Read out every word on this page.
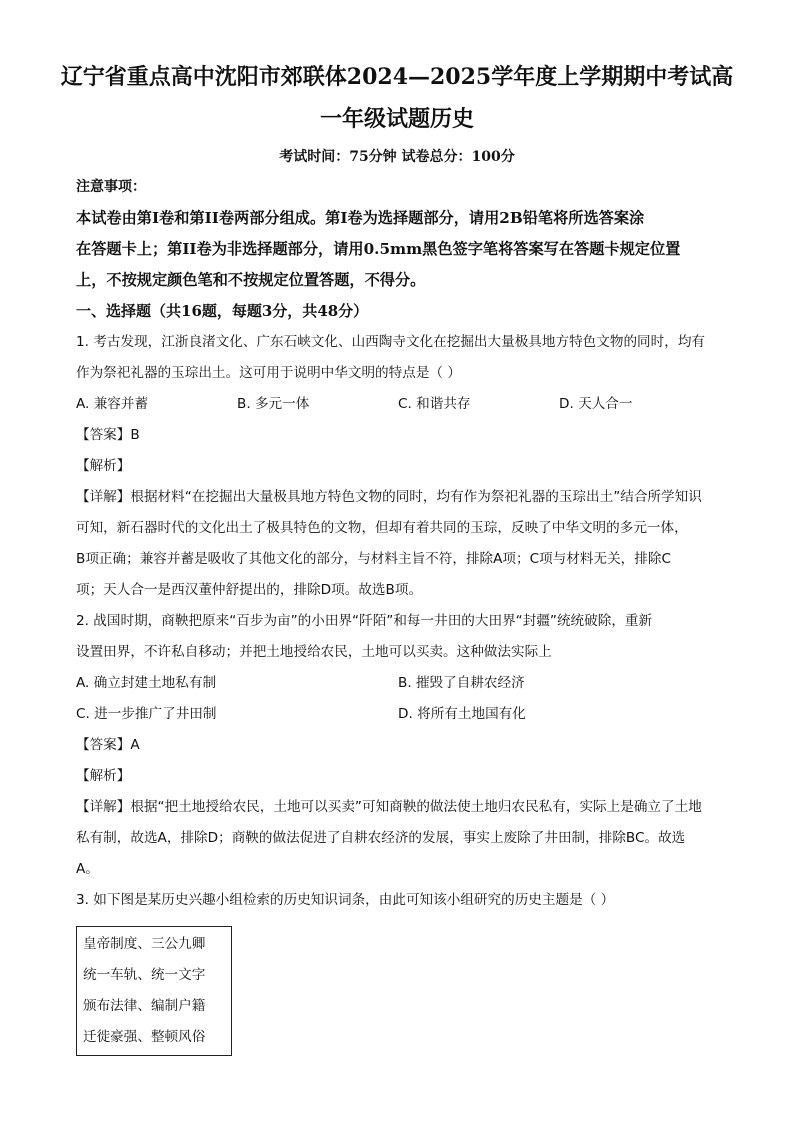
辽宁省重点高中沈阳市郊联体2024—2025学年度上学期期中考试高
一年级试题历史
考试时间：75分钟 试卷总分：100分
注意事项：
本试卷由第I卷和第II卷两部分组成。第I卷为选择题部分，请用2B铅笔将所选答案涂
在答题卡上；第II卷为非选择题部分，请用0.5mm黑色签字笔将答案写在答题卡规定位置
上，不按规定颜色笔和不按规定位置答题，不得分。
一、选择题（共16题，每题3分，共48分）
1. 考古发现，江浙良渚文化、广东石峡文化、山西陶寺文化在挖掘出大量极具地方特色文物的同时，均有
作为祭祀礼器的玉琮出土。这可用于说明中华文明的特点是（ ）
A. 兼容并蓄	B. 多元一体	C. 和谐共存	D. 天人合一
【答案】B
【解析】
【详解】根据材料“在挖掘出大量极具地方特色文物的同时，均有作为祭祀礼器的玉琮出土”结合所学知识
可知，新石器时代的文化出土了极具特色的文物，但却有着共同的玉琮，反映了中华文明的多元一体，
B项正确；兼容并蓄是吸收了其他文化的部分，与材料主旨不符，排除A项；C项与材料无关，排除C
项；天人合一是西汉董仲舒提出的，排除D项。故选B项。
2. 战国时期，商鞅把原来“百步为亩”的小田界“阡陌”和每一井田的大田界“封疆”统统破除，重新
设置田界，不许私自移动；并把土地授给农民，土地可以买卖。这种做法实际上
A. 确立封建土地私有制	B. 摧毁了自耕农经济
C. 进一步推广了井田制	D. 将所有土地国有化
【答案】A
【解析】
【详解】根据“把土地授给农民，土地可以买卖”可知商鞅的做法使土地归农民私有，实际上是确立了土地
私有制，故选A，排除D；商鞅的做法促进了自耕农经济的发展，事实上废除了井田制，排除BC。故选
A。
3. 如下图是某历史兴趣小组检索的历史知识词条，由此可知该小组研究的历史主题是（ ）
皇帝制度、三公九卿
统一车轨、统一文字
颁布法律、编制户籍
迁徙豪强、整顿风俗
